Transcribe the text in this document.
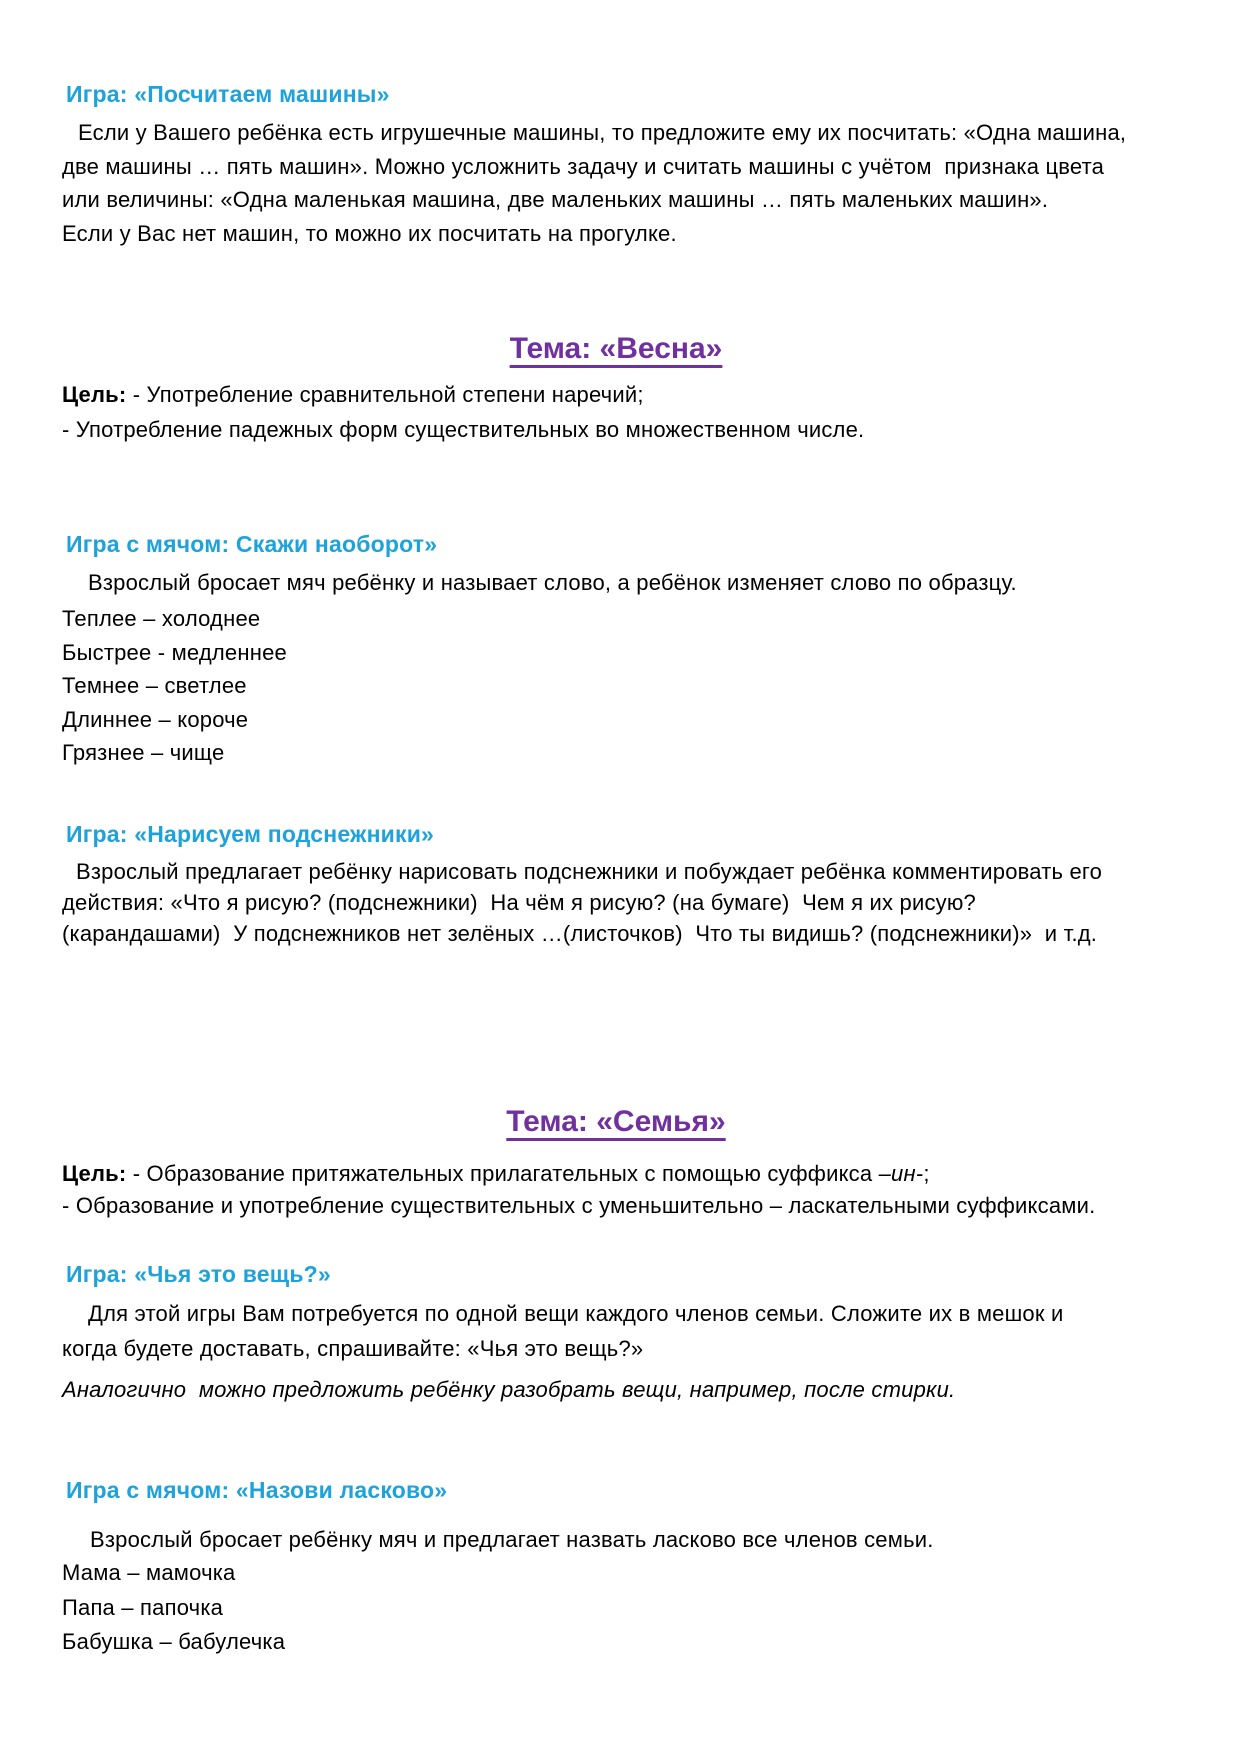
Игра: «Посчитаем машины»
Если у Вашего ребёнка есть игрушечные машины, то предложите ему их посчитать: «Одна машина,
две машины … пять машин». Можно усложнить задачу и считать машины с учётом  признака цвета
или величины: «Одна маленькая машина, две маленьких машины … пять маленьких машин».
Если у Вас нет машин, то можно их посчитать на прогулке.
Тема: «Весна»
Цель: - Употребление сравнительной степени наречий;
- Употребление падежных форм существительных во множественном числе.
Игра с мячом: Скажи наоборот»
Взрослый бросает мяч ребёнку и называет слово, а ребёнок изменяет слово по образцу.
Теплее – холоднее
Быстрее - медленнее
Темнее – светлее
Длиннее – короче
Грязнее – чище
Игра: «Нарисуем подснежники»
Взрослый предлагает ребёнку нарисовать подснежники и побуждает ребёнка комментировать его
действия: «Что я рисую? (подснежники)  На чём я рисую? (на бумаге)  Чем я их рисую?
(карандашами)  У подснежников нет зелёных …(листочков)  Что ты видишь? (подснежники)»  и т.д.
Тема: «Семья»
Цель: - Образование притяжательных прилагательных с помощью суффикса –ин-;
- Образование и употребление существительных с уменьшительно – ласкательными суффиксами.
Игра: «Чья это вещь?»
Для этой игры Вам потребуется по одной вещи каждого членов семьи. Сложите их в мешок и
когда будете доставать, спрашивайте: «Чья это вещь?»
Аналогично  можно предложить ребёнку разобрать вещи, например, после стирки.
Игра с мячом: «Назови ласково»
Взрослый бросает ребёнку мяч и предлагает назвать ласково все членов семьи.
Мама – мамочка
Папа – папочка
Бабушка – бабулечка
